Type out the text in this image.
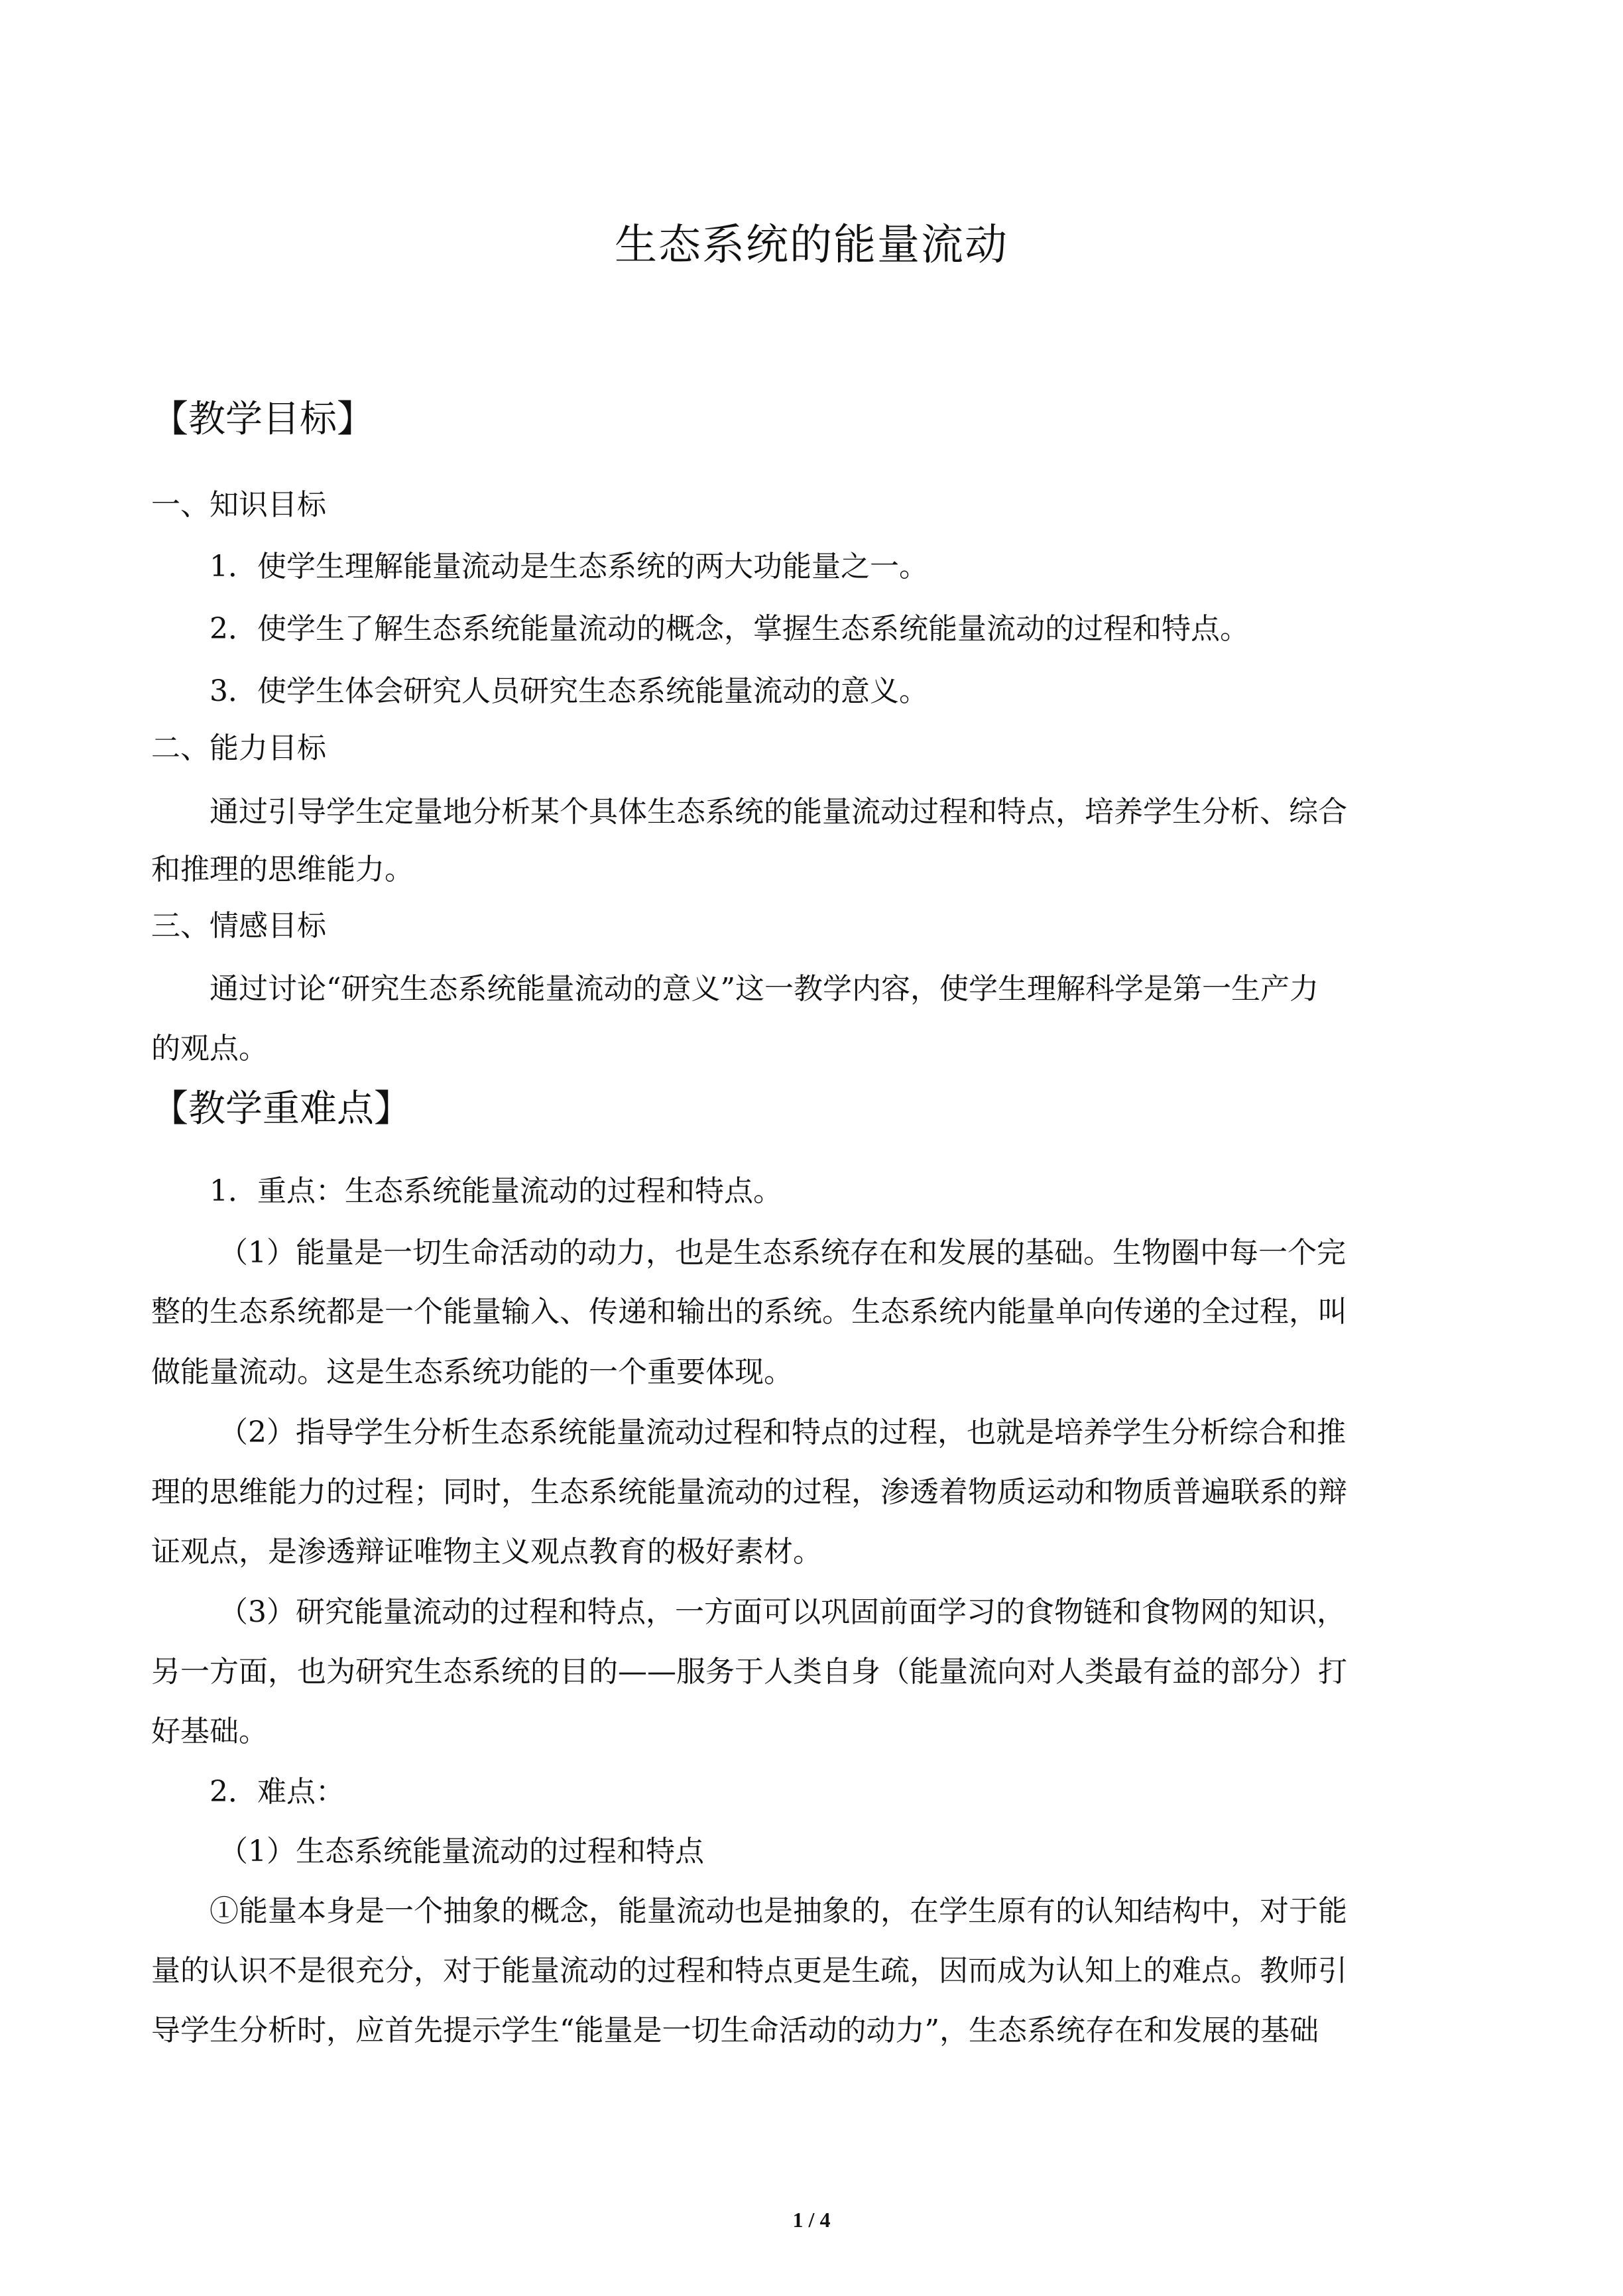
生态系统的能量流动
【教学目标】
一、知识目标
1．使学生理解能量流动是生态系统的两大功能量之一。
2．使学生了解生态系统能量流动的概念，掌握生态系统能量流动的过程和特点。
3．使学生体会研究人员研究生态系统能量流动的意义。
二、能力目标
通过引导学生定量地分析某个具体生态系统的能量流动过程和特点，培养学生分析、综合
和推理的思维能力。
三、情感目标
通过讨论“研究生态系统能量流动的意义”这一教学内容，使学生理解科学是第一生产力
的观点。
【教学重难点】
1．重点：生态系统能量流动的过程和特点。
（1）能量是一切生命活动的动力，也是生态系统存在和发展的基础。生物圈中每一个完
整的生态系统都是一个能量输入、传递和输出的系统。生态系统内能量单向传递的全过程，叫
做能量流动。这是生态系统功能的一个重要体现。
（2）指导学生分析生态系统能量流动过程和特点的过程，也就是培养学生分析综合和推
理的思维能力的过程；同时，生态系统能量流动的过程，渗透着物质运动和物质普遍联系的辩
证观点，是渗透辩证唯物主义观点教育的极好素材。
（3）研究能量流动的过程和特点，一方面可以巩固前面学习的食物链和食物网的知识，
另一方面，也为研究生态系统的目的——服务于人类自身（能量流向对人类最有益的部分）打
好基础。
2．难点：
（1）生态系统能量流动的过程和特点
①能量本身是一个抽象的概念，能量流动也是抽象的，在学生原有的认知结构中，对于能
量的认识不是很充分，对于能量流动的过程和特点更是生疏，因而成为认知上的难点。教师引
导学生分析时，应首先提示学生“能量是一切生命活动的动力”，生态系统存在和发展的基础
1 / 4
